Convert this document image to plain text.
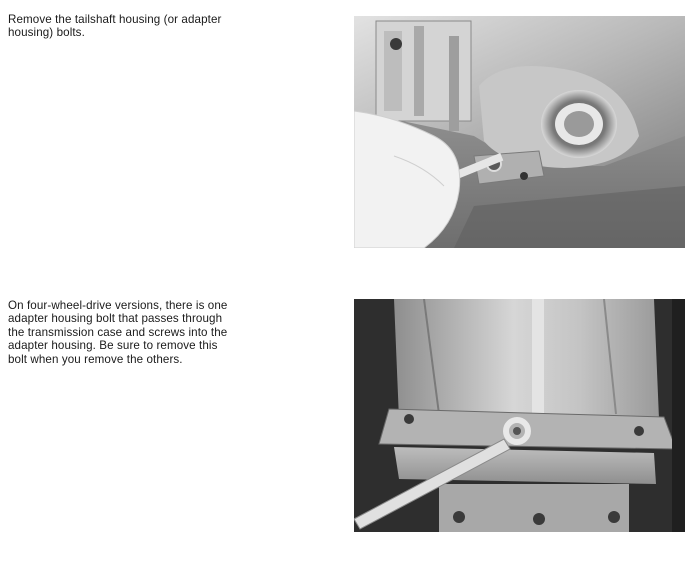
Remove the tailshaft housing (or adapter
housing) bolts.
On four-wheel-drive versions, there is one
adapter housing bolt that passes through
the transmission case and screws into the
adapter housing. Be sure to remove this
bolt when you remove the others.
